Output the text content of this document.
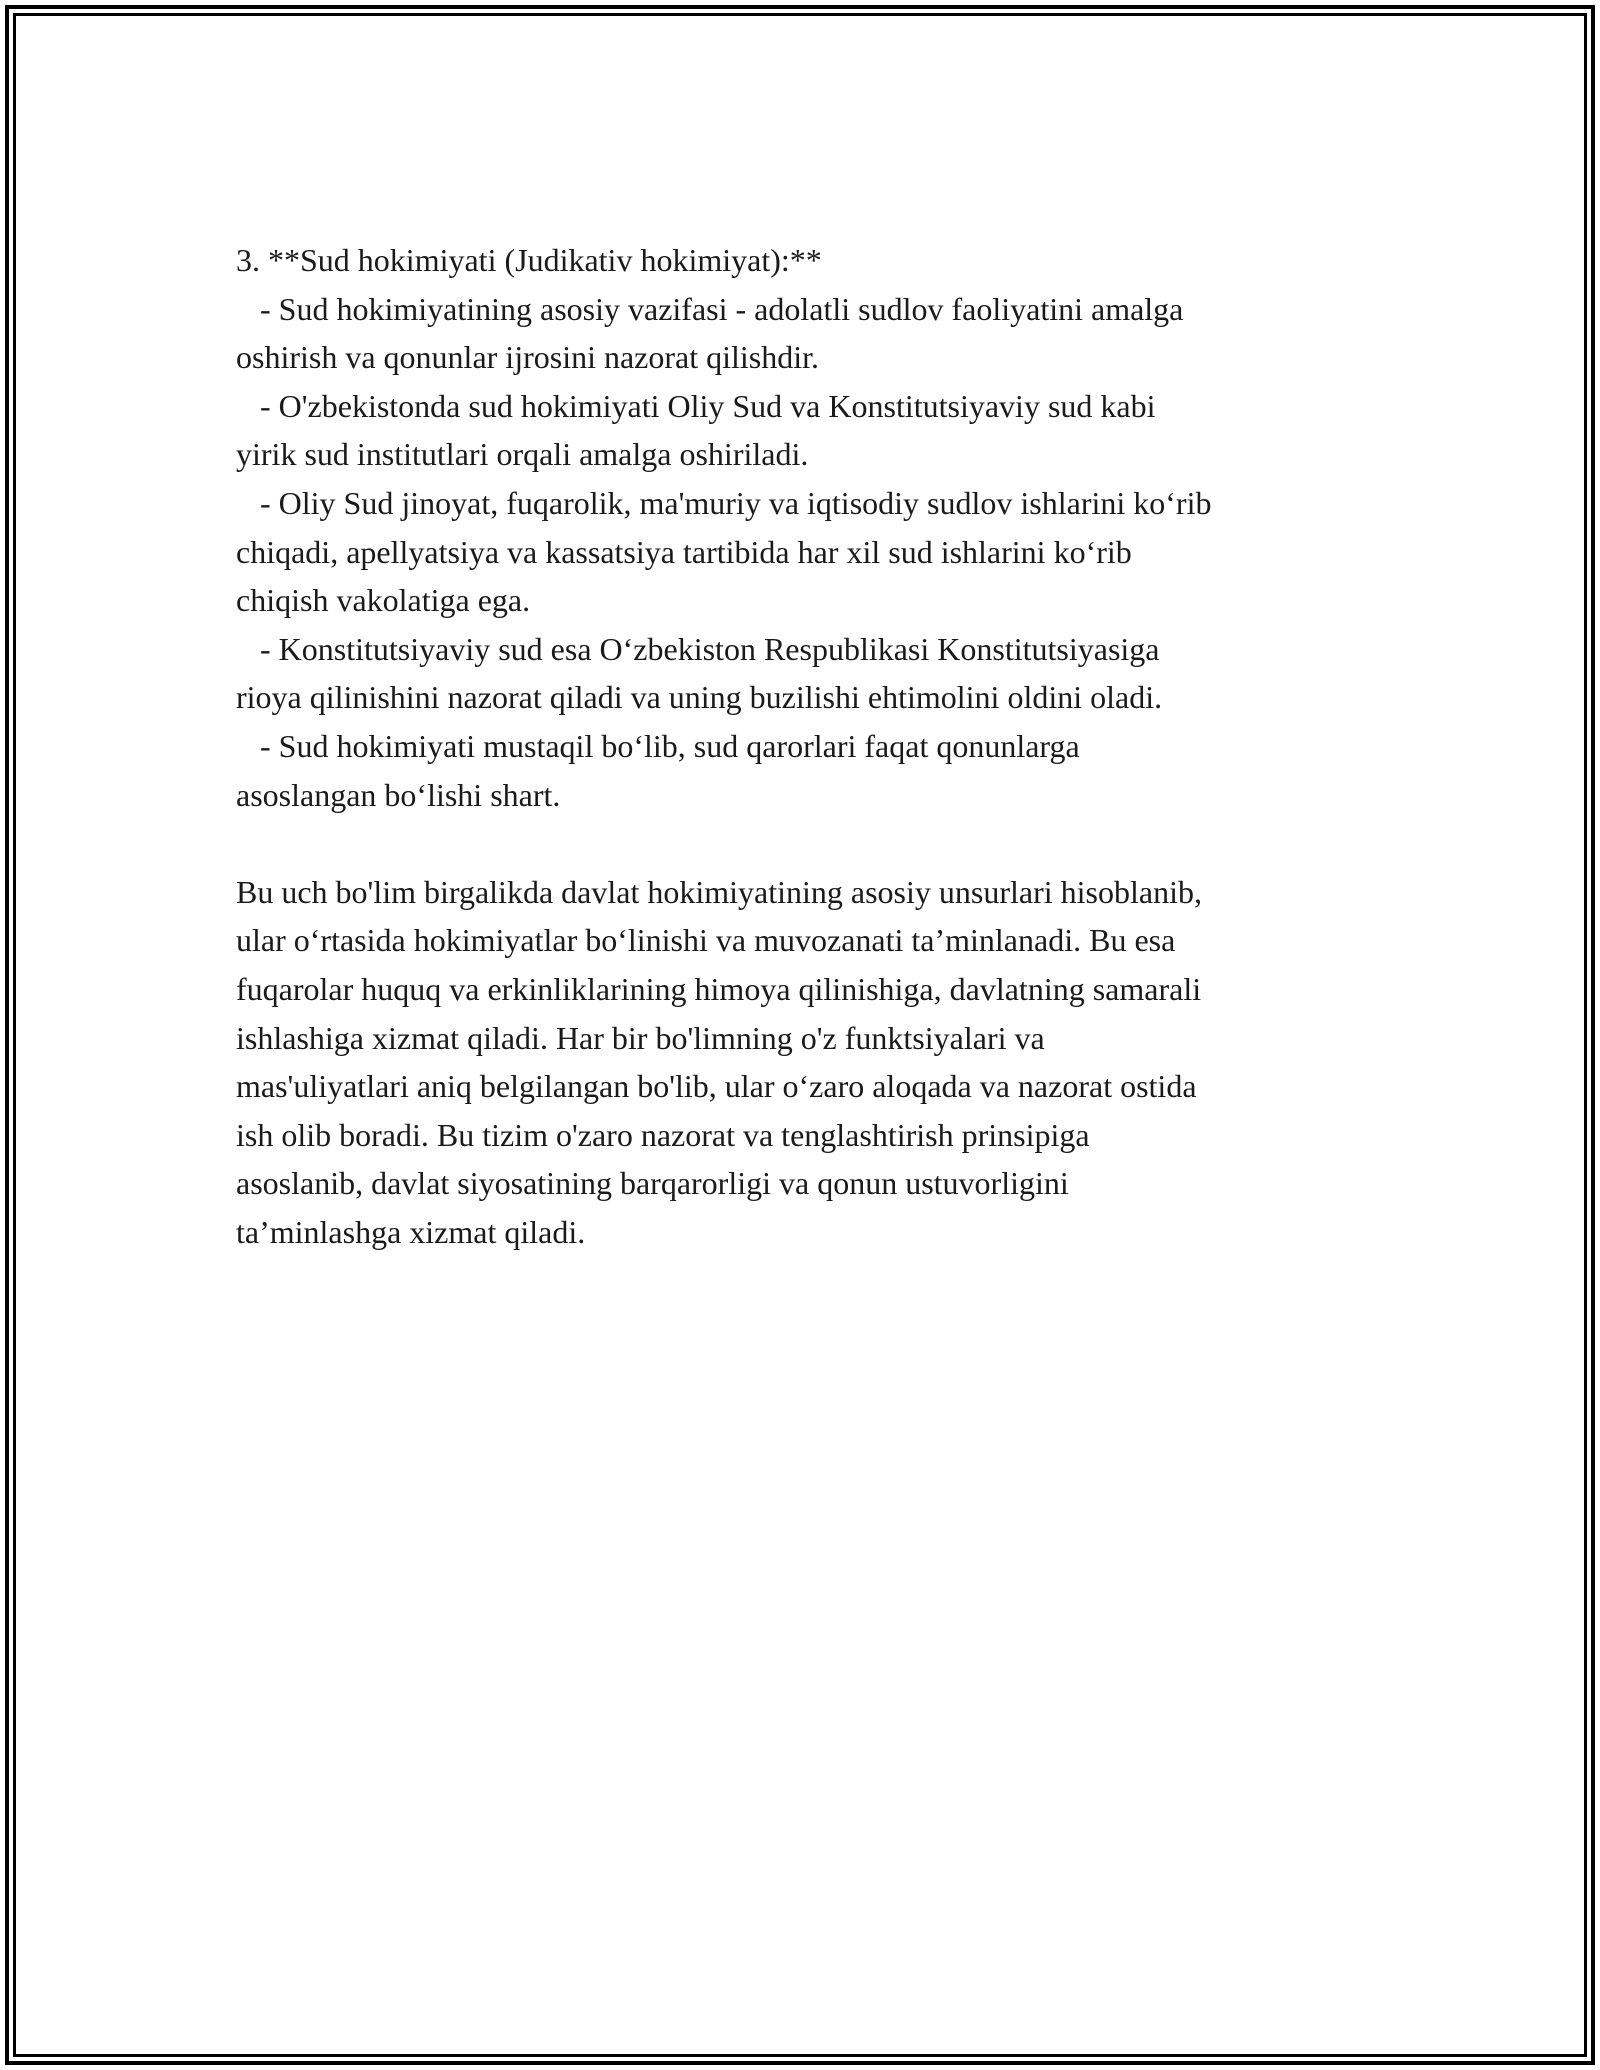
3. **Sud hokimiyati (Judikativ hokimiyat):**
- Sud hokimiyatining asosiy vazifasi - adolatli sudlov faoliyatini amalga
oshirish va qonunlar ijrosini nazorat qilishdir.
- O'zbekistonda sud hokimiyati Oliy Sud va Konstitutsiyaviy sud kabi
yirik sud institutlari orqali amalga oshiriladi.
- Oliy Sud jinoyat, fuqarolik, ma'muriy va iqtisodiy sudlov ishlarini ko‘rib
chiqadi, apellyatsiya va kassatsiya tartibida har xil sud ishlarini ko‘rib
chiqish vakolatiga ega.
- Konstitutsiyaviy sud esa O‘zbekiston Respublikasi Konstitutsiyasiga
rioya qilinishini nazorat qiladi va uning buzilishi ehtimolini oldini oladi.
- Sud hokimiyati mustaqil bo‘lib, sud qarorlari faqat qonunlarga
asoslangan bo‘lishi shart.
Bu uch bo'lim birgalikda davlat hokimiyatining asosiy unsurlari hisoblanib,
ular o‘rtasida hokimiyatlar bo‘linishi va muvozanati ta’minlanadi. Bu esa
fuqarolar huquq va erkinliklarining himoya qilinishiga, davlatning samarali
ishlashiga xizmat qiladi. Har bir bo'limning o'z funktsiyalari va
mas'uliyatlari aniq belgilangan bo'lib, ular o‘zaro aloqada va nazorat ostida
ish olib boradi. Bu tizim o'zaro nazorat va tenglashtirish prinsipiga
asoslanib, davlat siyosatining barqarorligi va qonun ustuvorligini
ta’minlashga xizmat qiladi.
